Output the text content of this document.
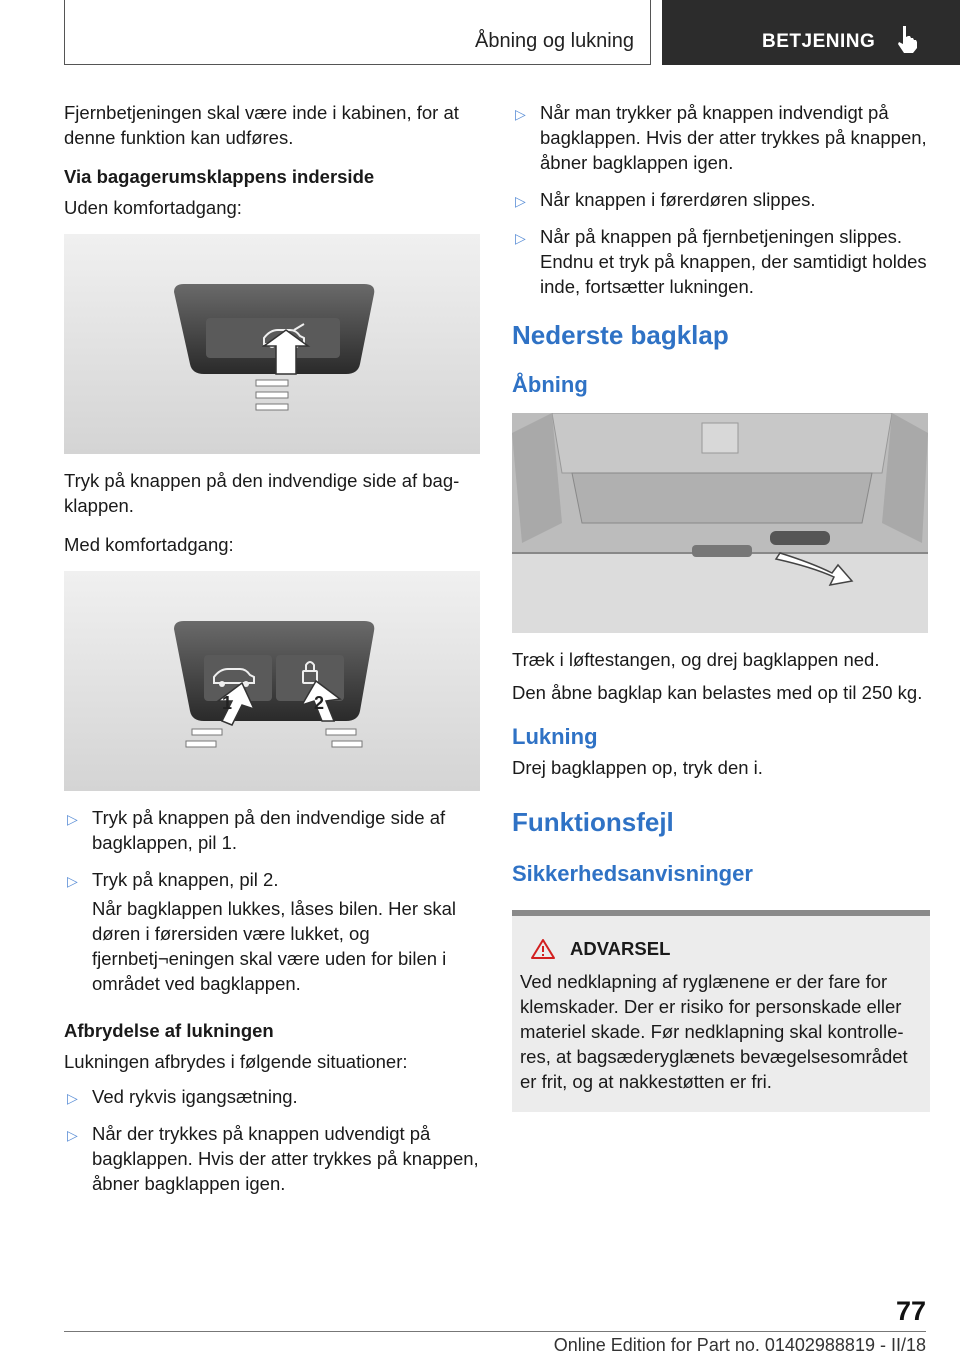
Åbning og lukning	BETJENING

Fjernbetjeningen skal være inde i kabinen, for at denne funktion kan udføres.

Via bagagerumsklappens inderside

Uden komfortadgang:

Tryk på knappen på den indvendige side af bagklappen.

Med komfortadgang:

1	2
▷ Tryk på knappen på den indvendige side af bagklappen, pil 1.
▷ Tryk på knappen, pil 2.
Når bagklappen lukkes, låses bilen. Her skal døren i førersiden være lukket, og fjernbetj¬eningen skal være uden for bilen i området ved bagklappen.

Afbrydelse af lukningen

Lukningen afbrydes i følgende situationer:

▷ Ved rykvis igangsætning.
▷ Når der trykkes på knappen udvendigt på bagklappen. Hvis der atter trykkes på knappen, åbner bagklappen igen.
▷ Når man trykker på knappen indvendigt på bagklappen. Hvis der atter trykkes på knappen, åbner bagklappen igen.
▷ Når knappen i førerdøren slippes.
▷ Når på knappen på fjernbetjeningen slippes. Endnu et tryk på knappen, der samtidigt holdes inde, fortsætter lukningen.
Nederste bagklap
Åbning

Træk i løftestangen, og drej bagklappen ned.

Den åbne bagklap kan belastes med op til 250 kg.

Lukning

Drej bagklappen op, tryk den i.

Funktionsfejl
Sikkerhedsanvisninger
ADVARSEL

Ved nedklapning af ryglænene er der fare for klemskader. Der er risiko for personskade eller materiel skade. Før nedklapning skal kontrolleres, at bagsæderyglænets bevægelsesområdet er frit, og at nakkestøtten er fri.

77
Online Edition for Part no. 01402988819 - II/18
